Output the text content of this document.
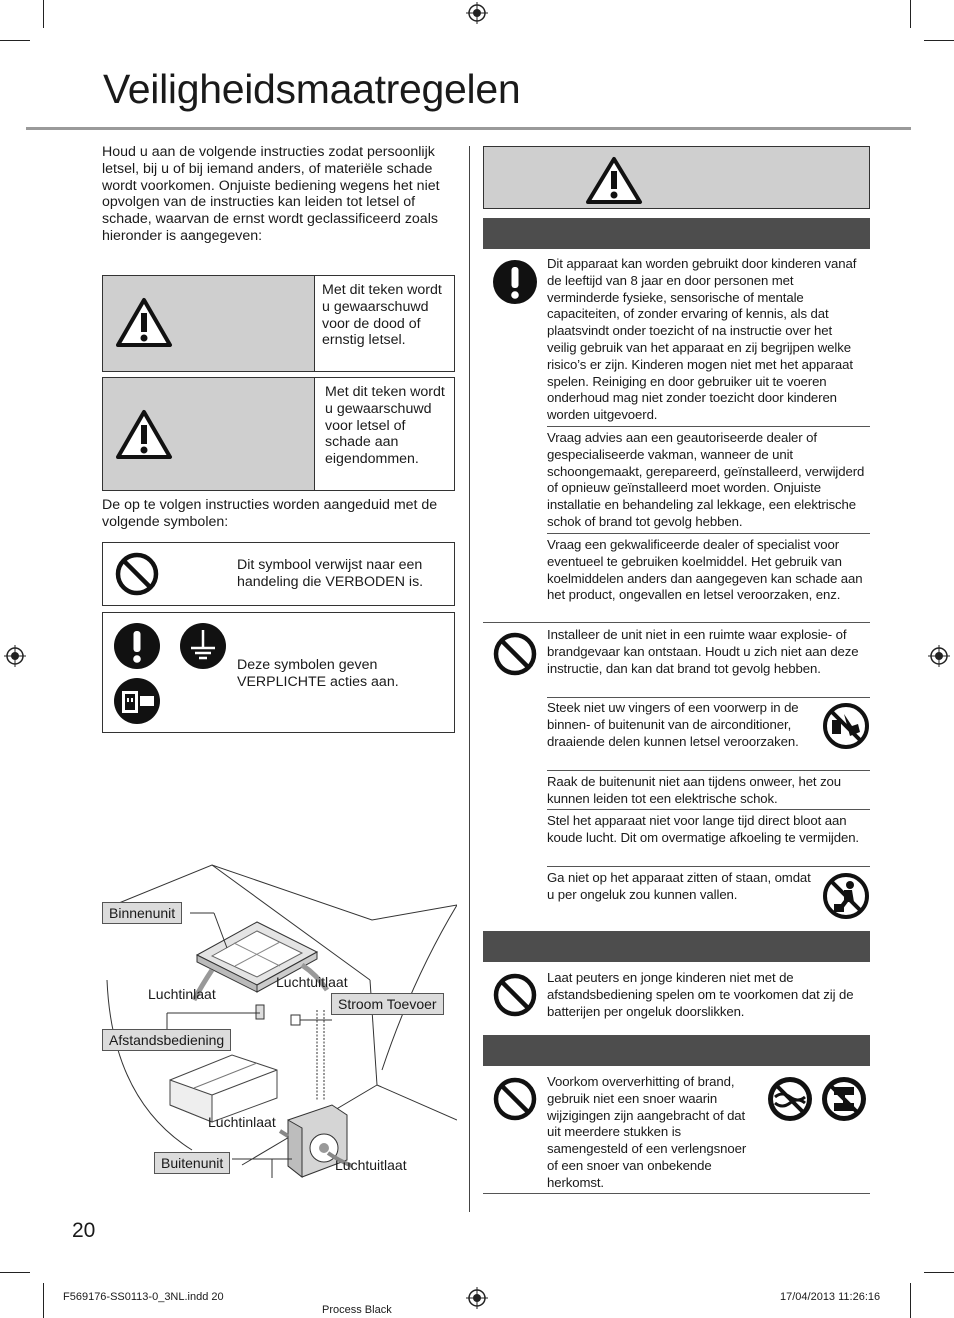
Veiligheidsmaatregelen
Houd u aan de volgende instructies zodat persoonlijk letsel, bij u of bij iemand anders, of materiële schade wordt voorkomen. Onjuiste bediening wegens het niet opvolgen van de instructies kan leiden tot letsel of schade, waarvan de ernst wordt geclassificeerd zoals hieronder is aangegeven:
Met dit teken wordt u gewaarschuwd voor de dood of ernstig letsel.
Met dit teken wordt u gewaarschuwd voor letsel of schade aan eigendommen.
De op te volgen instructies worden aangeduid met de volgende symbolen:
Dit symbool verwijst naar een handeling die VERBODEN is.
Deze symbolen geven VERPLICHTE acties aan.
Binnenunit
Luchtinlaat
Luchtuitlaat
Stroom Toevoer
Afstandsbediening
Luchtinlaat
Buitenunit	Luchtuitlaat
Dit apparaat kan worden gebruikt door kinderen vanaf de leeftijd van 8 jaar en door personen met verminderde fysieke, sensorische of mentale capaciteiten, of zonder ervaring of kennis, als dat plaatsvindt onder toezicht of na instructie over het veilig gebruik van het apparaat en zij begrijpen welke risico’s er zijn. Kinderen mogen niet met het apparaat spelen. Reiniging en door gebruiker uit te voeren onderhoud mag niet zonder toezicht door kinderen worden uitgevoerd.
Vraag advies aan een geautoriseerde dealer of gespecialiseerde vakman, wanneer de unit schoongemaakt, gerepareerd, geïnstalleerd, verwijderd of opnieuw geïnstalleerd moet worden. Onjuiste installatie en behandeling zal lekkage, een elektrische schok of brand tot gevolg hebben.
Vraag een gekwalificeerde dealer of specialist voor eventueel te gebruiken koelmiddel. Het gebruik van koelmiddelen anders dan aangegeven kan schade aan het product, ongevallen en letsel veroorzaken, enz.
Installeer de unit niet in een ruimte waar explosie- of brandgevaar kan ontstaan. Houdt u zich niet aan deze instructie, dan kan dat brand tot gevolg hebben.
Steek niet uw vingers of een voorwerp in de binnen- of buitenunit van de airconditioner, draaiende delen kunnen letsel veroorzaken.
Raak de buitenunit niet aan tijdens onweer, het zou kunnen leiden tot een elektrische schok.
Stel het apparaat niet voor lange tijd direct bloot aan koude lucht. Dit om overmatige afkoeling te vermijden.
Ga niet op het apparaat zitten of staan, omdat u per ongeluk zou kunnen vallen.
Laat peuters en jonge kinderen niet met de afstandsbediening spelen om te voorkomen dat zij de batterijen per ongeluk doorslikken.
Voorkom oververhitting of brand, gebruik niet een snoer waarin wijzigingen zijn aangebracht of dat uit meerdere stukken is samengesteld of een verlengsnoer of een snoer van onbekende herkomst.
20
F569176-SS0113-0_3NL.indd 20
Process Black
17/04/2013 11:26:16
